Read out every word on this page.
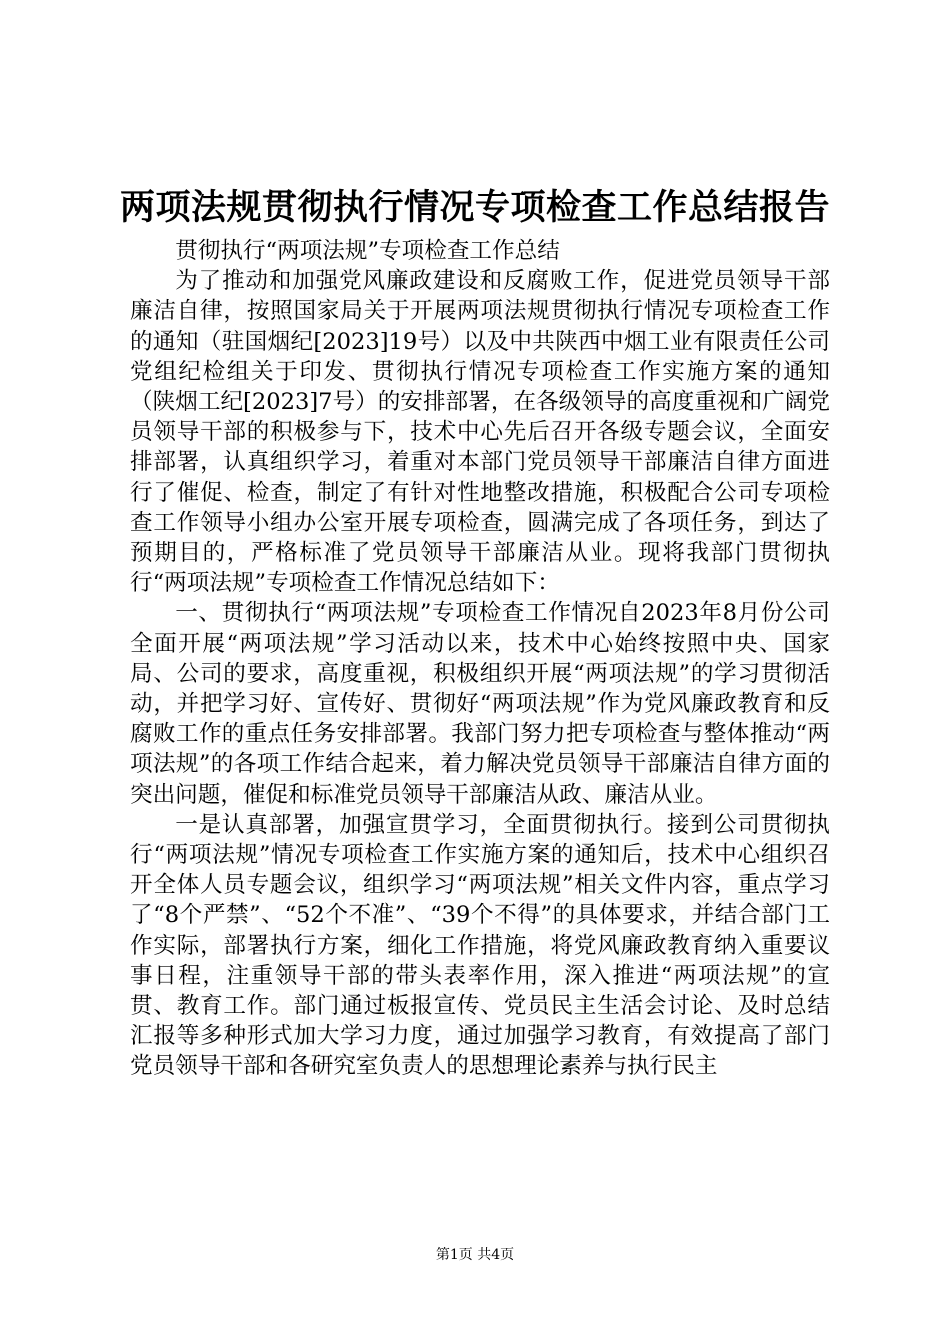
两项法规贯彻执行情况专项检查工作总结报告

贯彻执行“两项法规”专项检查工作总结

为了推动和加强党风廉政建设和反腐败工作，促进党员领导干部廉洁自律，按照国家局关于开展两项法规贯彻执行情况专项检查工作的通知（驻国烟纪[2023]19号）以及中共陕西中烟工业有限责任公司党组纪检组关于印发、贯彻执行情况专项检查工作实施方案的通知（陕烟工纪[2023]7号）的安排部署，在各级领导的高度重视和广阔党员领导干部的积极参与下，技术中心先后召开各级专题会议，全面安排部署，认真组织学习，着重对本部门党员领导干部廉洁自律方面进行了催促、检查，制定了有针对性地整改措施，积极配合公司专项检查工作领导小组办公室开展专项检查，圆满完成了各项任务，到达了预期目的，严格标准了党员领导干部廉洁从业。现将我部门贯彻执行“两项法规”专项检查工作情况总结如下：

一、贯彻执行“两项法规”专项检查工作情况自2023年8月份公司全面开展“两项法规”学习活动以来，技术中心始终按照中央、国家局、公司的要求，高度重视，积极组织开展“两项法规”的学习贯彻活动，并把学习好、宣传好、贯彻好“两项法规”作为党风廉政教育和反腐败工作的重点任务安排部署。我部门努力把专项检查与整体推动“两项法规”的各项工作结合起来，着力解决党员领导干部廉洁自律方面的突出问题，催促和标准党员领导干部廉洁从政、廉洁从业。

一是认真部署，加强宣贯学习，全面贯彻执行。接到公司贯彻执行“两项法规”情况专项检查工作实施方案的通知后，技术中心组织召开全体人员专题会议，组织学习“两项法规”相关文件内容，重点学习了“8个严禁”、“52个不准”、“39个不得”的具体要求，并结合部门工作实际，部署执行方案，细化工作措施，将党风廉政教育纳入重要议事日程，注重领导干部的带头表率作用，深入推进“两项法规”的宣贯、教育工作。部门通过板报宣传、党员民主生活会讨论、及时总结汇报等多种形式加大学习力度，通过加强学习教育，有效提高了部门党员领导干部和各研究室负责人的思想理论素养与执行民主

第1页 共4页
